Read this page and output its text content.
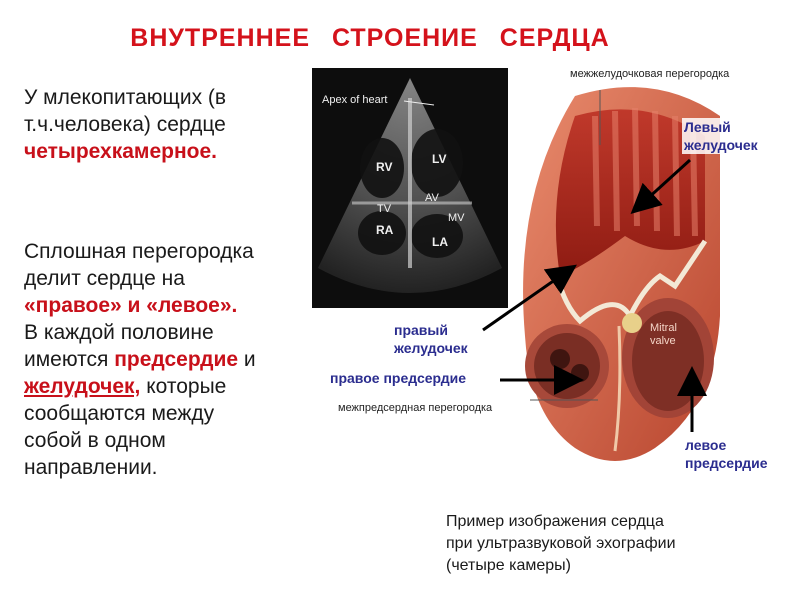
ВНУТРЕННЕЕ СТРОЕНИЕ СЕРДЦА
У млекопитающих (в
т.ч.человека) сердце
четырехкамерное.
Сплошная перегородка
делит сердце на
«правое» и «левое».
В каждой половине
имеются предсердие и
желудочек, которые
сообщаются между
собой в одном
направлении.
Apex of heart
RV
LV
AV
TV
MV
RA
LA
Mitral
valve
межжелудочковая перегородка
Левый
желудочек
правый
желудочек
правое предсердие
межпредсердная перегородка
левое
предсердие
Пример изображения сердца
при ультразвуковой эхографии
(четыре камеры)
